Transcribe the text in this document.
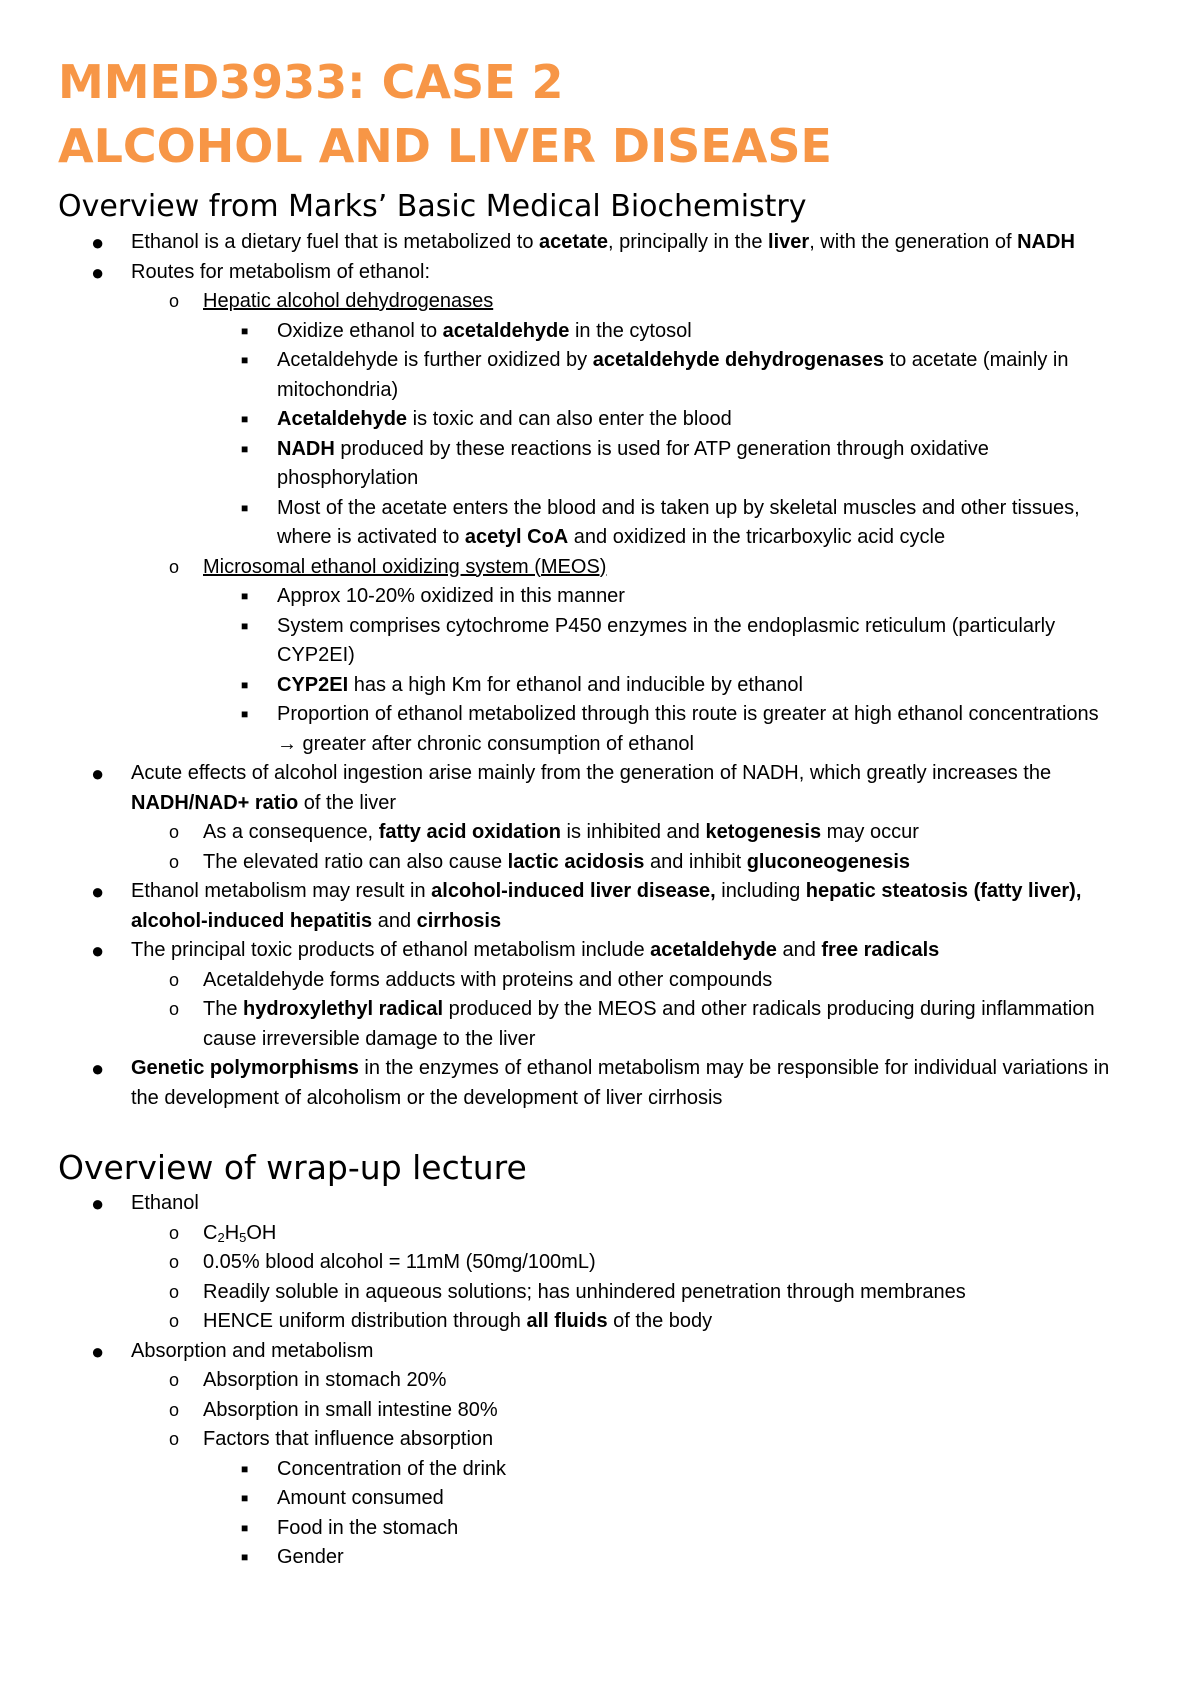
MMED3933: CASE 2
ALCOHOL AND LIVER DISEASE
Overview from Marks’ Basic Medical Biochemistry
● Ethanol is a dietary fuel that is metabolized to acetate, principally in the liver, with the generation of NADH
● Routes for metabolism of ethanol:
o Hepatic alcohol dehydrogenases
■ Oxidize ethanol to acetaldehyde in the cytosol
■ Acetaldehyde is further oxidized by acetaldehyde dehydrogenases to acetate (mainly in mitochondria)
■ Acetaldehyde is toxic and can also enter the blood
■ NADH produced by these reactions is used for ATP generation through oxidative phosphorylation
■ Most of the acetate enters the blood and is taken up by skeletal muscles and other tissues, where is activated to acetyl CoA and oxidized in the tricarboxylic acid cycle
o Microsomal ethanol oxidizing system (MEOS)
■ Approx 10-20% oxidized in this manner
■ System comprises cytochrome P450 enzymes in the endoplasmic reticulum (particularly CYP2EI)
■ CYP2EI has a high Km for ethanol and inducible by ethanol
■ Proportion of ethanol metabolized through this route is greater at high ethanol concentrations → greater after chronic consumption of ethanol
● Acute effects of alcohol ingestion arise mainly from the generation of NADH, which greatly increases the NADH/NAD+ ratio of the liver
o As a consequence, fatty acid oxidation is inhibited and ketogenesis may occur
o The elevated ratio can also cause lactic acidosis and inhibit gluconeogenesis
● Ethanol metabolism may result in alcohol-induced liver disease, including hepatic steatosis (fatty liver), alcohol-induced hepatitis and cirrhosis
● The principal toxic products of ethanol metabolism include acetaldehyde and free radicals
o Acetaldehyde forms adducts with proteins and other compounds
o The hydroxylethyl radical produced by the MEOS and other radicals producing during inflammation cause irreversible damage to the liver
● Genetic polymorphisms in the enzymes of ethanol metabolism may be responsible for individual variations in the development of alcoholism or the development of liver cirrhosis
Overview of wrap-up lecture
● Ethanol
o $C_2H_5OH$
o 0.05% blood alcohol = 11mM (50mg/100mL)
o Readily soluble in aqueous solutions; has unhindered penetration through membranes
o HENCE uniform distribution through all fluids of the body
● Absorption and metabolism
o Absorption in stomach 20%
o Absorption in small intestine 80%
o Factors that influence absorption
■ Concentration of the drink
■ Amount consumed
■ Food in the stomach
■ Gender
